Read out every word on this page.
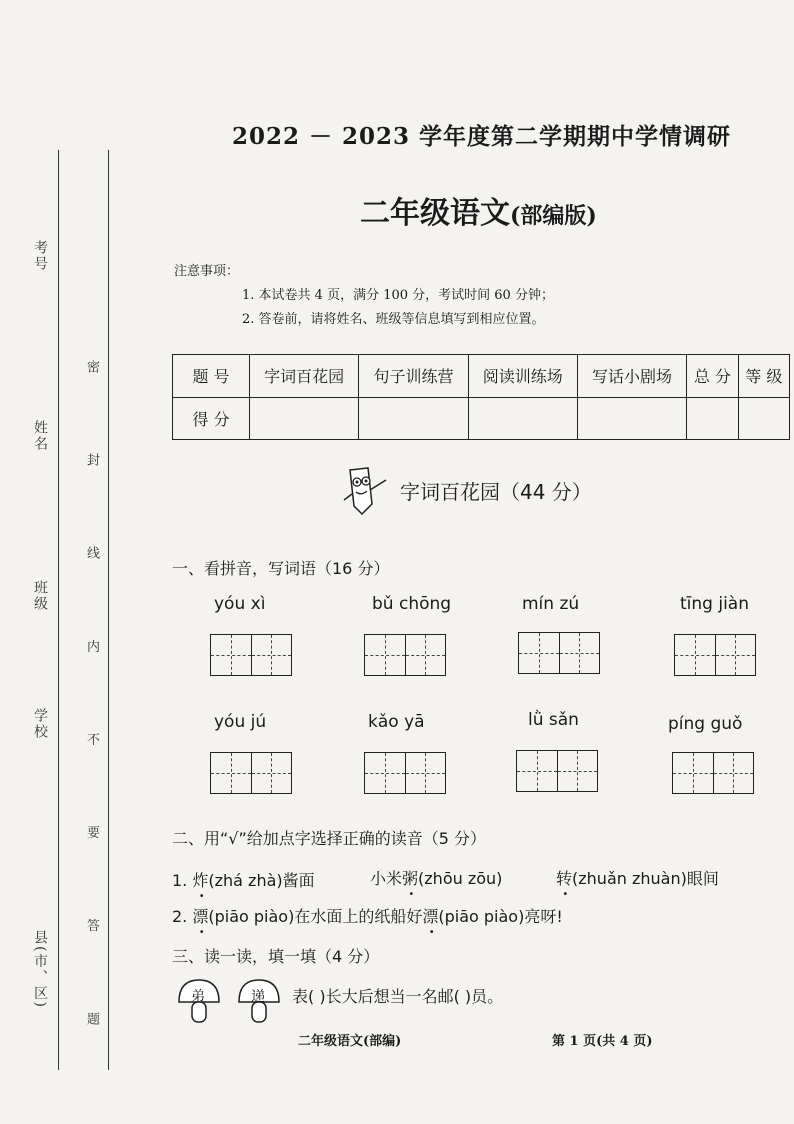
考号
姓名
班级
学校
县(市、区)	密 封 线 内 不 要 答 题
2022 － 2023 学年度第二学期期中学情调研
二年级语文(部编版)
注意事项：
1. 本试卷共 4 页，满分 100 分，考试时间 60 分钟；
2. 答卷前，请将姓名、班级等信息填写到相应位置。
题 号	字词百花园	句子训练营	阅读训练场	写话小剧场	总 分	等 级
得 分						
字词百花园（44 分）
一、看拼音，写词语（16 分）
yóu xì	bǔ chōng	mín zú	tīng jiàn
yóu jú	kǎo yā	lǜ sǎn	píng guǒ
二、用“√”给加点字选择正确的读音（5 分）
1. 炸(zhá zhà)酱面	小米粥(zhōu zōu)	转(zhuǎn zhuàn)眼间
2. 漂(piāo piào)在水面上的纸船好漂(piāo piào)亮呀!
三、读一读，填一填（4 分）
弟	递 表( )长大后想当一名邮( )员。
二年级语文(部编)	第 1 页(共 4 页)
